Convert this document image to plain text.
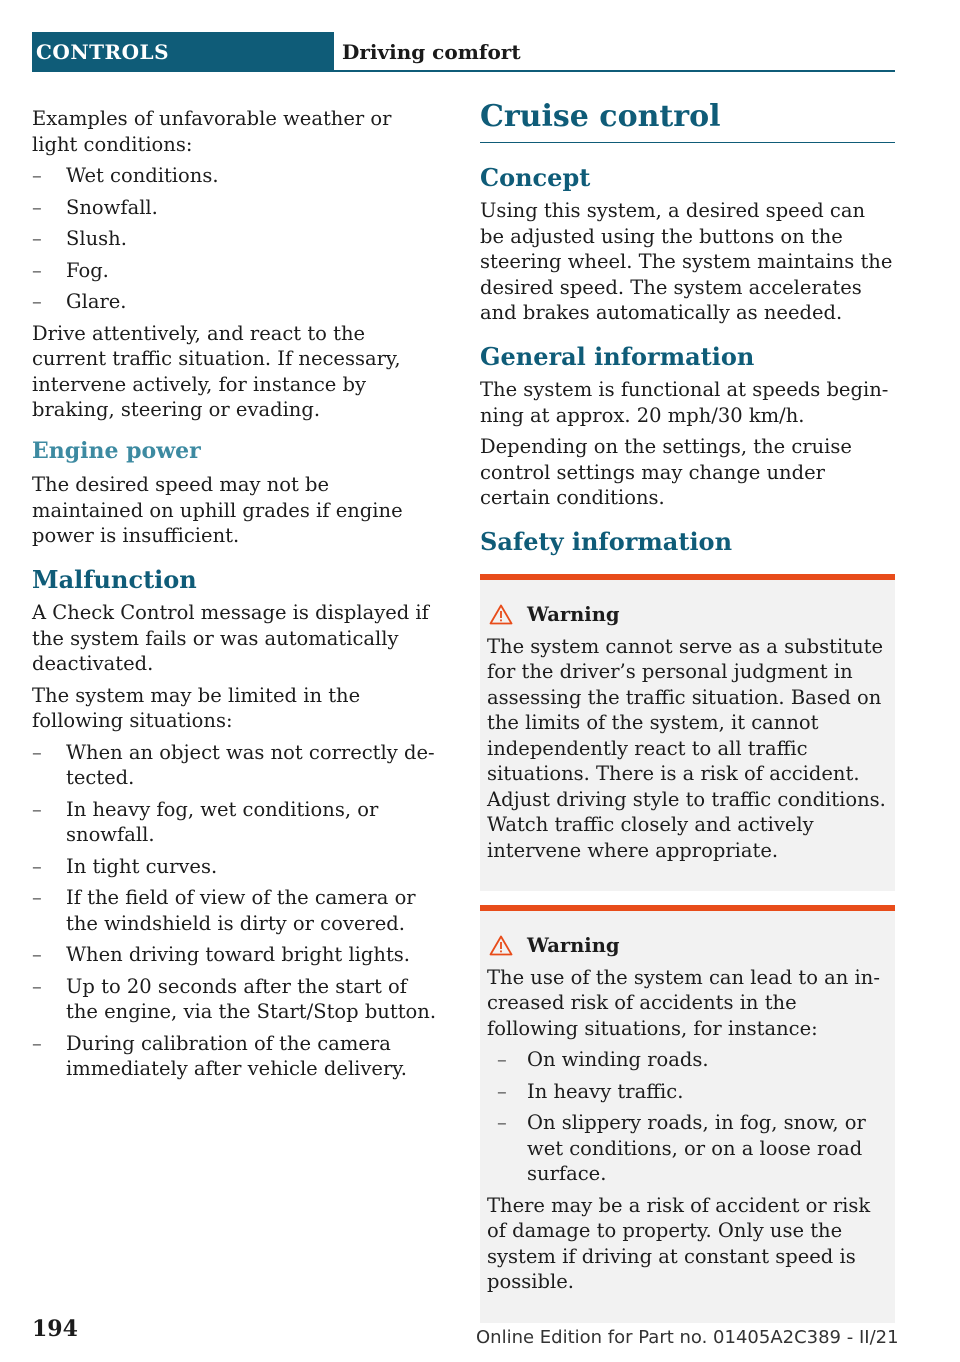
CONTROLS	Driving comfort

Examples of unfavorable weather or light conditions:

– Wet conditions.
– Snowfall.
– Slush.
– Fog.
– Glare.

Drive attentively, and react to the current traffic situation. If necessary, intervene actively, for instance by braking, steering or evading.

Engine power

The desired speed may not be maintained on uphill grades if engine power is insufficient.

Malfunction

A Check Control message is displayed if the system fails or was automatically deactivated.

The system may be limited in the following situations:

– When an object was not correctly detected.
– In heavy fog, wet conditions, or snowfall.
– In tight curves.
– If the field of view of the camera or the windshield is dirty or covered.
– When driving toward bright lights.
– Up to 20 seconds after the start of the engine, via the Start/Stop button.
– During calibration of the camera immediately after vehicle delivery.
Cruise control
Concept

Using this system, a desired speed can be adjusted using the buttons on the steering wheel. The system maintains the desired speed. The system accelerates and brakes automatically as needed.

General information

The system is functional at speeds beginning at approx. 20 mph/30 km/h.

Depending on the settings, the cruise control settings may change under certain conditions.

Safety information
Warning

The system cannot serve as a substitute for the driver’s personal judgment in assessing the traffic situation. Based on the limits of the system, it cannot independently react to all traffic situations. There is a risk of accident. Adjust driving style to traffic conditions. Watch traffic closely and actively intervene where appropriate.

Warning

The use of the system can lead to an increased risk of accidents in the following situations, for instance:

– On winding roads.
– In heavy traffic.
– On slippery roads, in fog, snow, or wet conditions, or on a loose road surface.

There may be a risk of accident or risk of damage to property. Only use the system if driving at constant speed is possible.

194	Online Edition for Part no. 01405A2C389 - II/21
